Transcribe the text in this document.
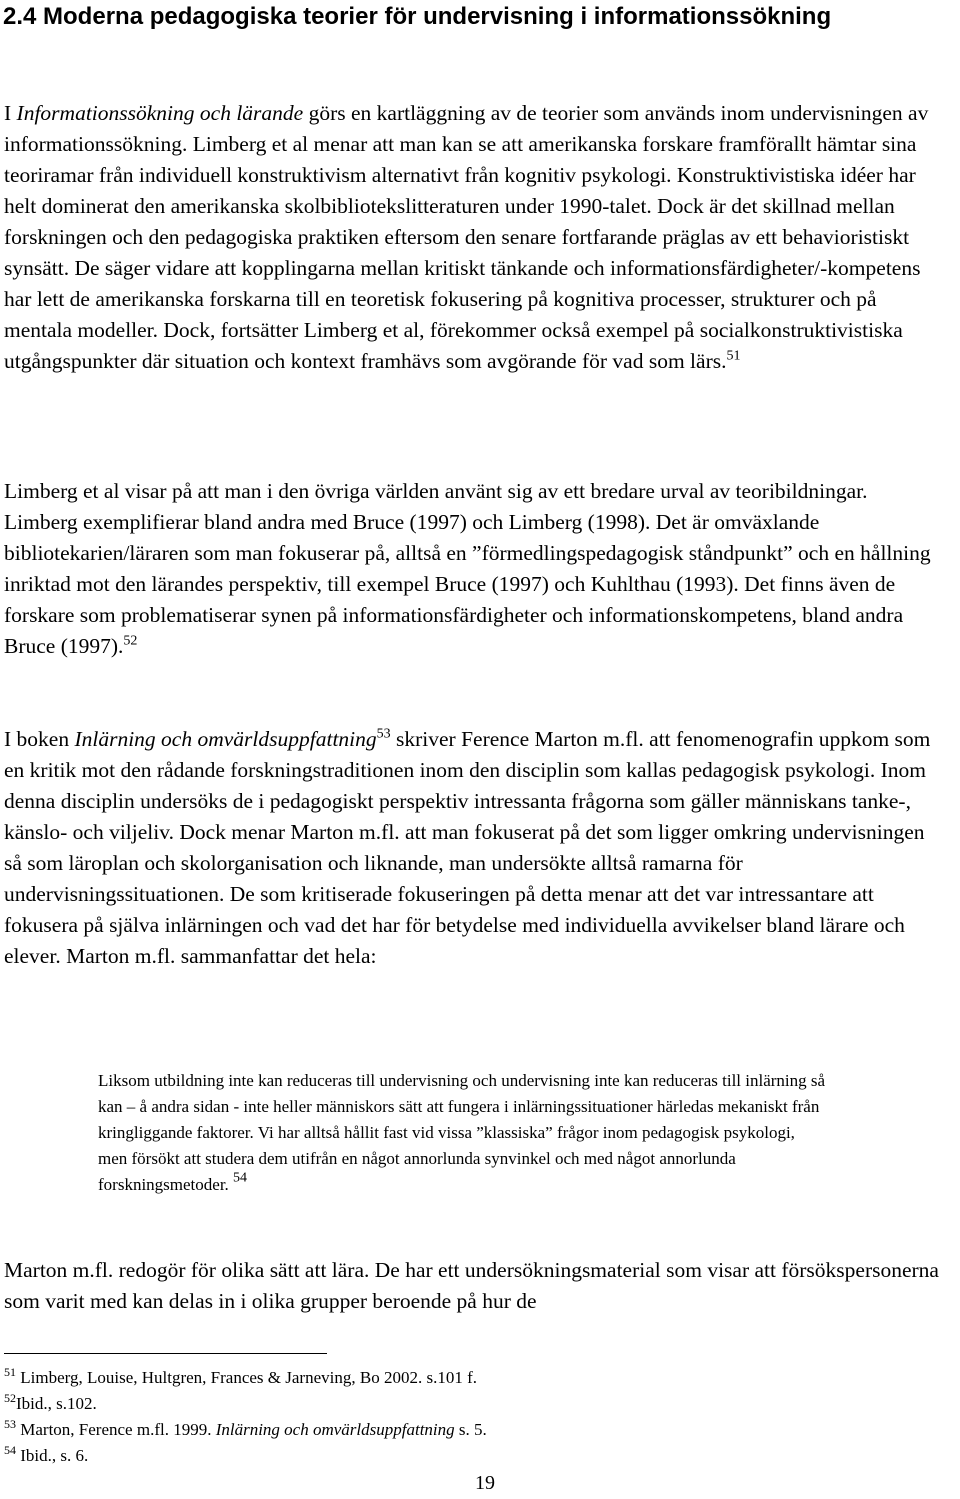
2.4 Moderna pedagogiska teorier för undervisning i informationssökning

I Informationssökning och lärande görs en kartläggning av de teorier som används inom undervisningen av informationssökning. Limberg et al menar att man kan se att amerikanska forskare framförallt hämtar sina teoriramar från individuell konstruktivism alternativt från kognitiv psykologi. Konstruktivistiska idéer har helt dominerat den amerikanska skolbibliotekslitteraturen under 1990-talet. Dock är det skillnad mellan forskningen och den pedagogiska praktiken eftersom den senare fortfarande präglas av ett behavioristiskt synsätt. De säger vidare att kopplingarna mellan kritiskt tänkande och informationsfärdigheter/-kompetens har lett de amerikanska forskarna till en teoretisk fokusering på kognitiva processer, strukturer och på mentala modeller. Dock, fortsätter Limberg et al, förekommer också exempel på socialkonstruktivistiska utgångspunkter där situation och kontext framhävs som avgörande för vad som lärs.$^{51}$

Limberg et al visar på att man i den övriga världen använt sig av ett bredare urval av teoribildningar. Limberg exemplifierar bland andra med Bruce (1997) och Limberg (1998). Det är omväxlande bibliotekarien/läraren som man fokuserar på, alltså en ”förmedlingspedagogisk ståndpunkt” och en hållning inriktad mot den lärandes perspektiv, till exempel Bruce (1997) och Kuhlthau (1993). Det finns även de forskare som problematiserar synen på informationsfärdigheter och informationskompetens, bland andra Bruce (1997).$^{52}$

I boken Inlärning och omvärldsuppfattning$^{53}$ skriver Ference Marton m.fl. att fenomenografin uppkom som en kritik mot den rådande forskningstraditionen inom den disciplin som kallas pedagogisk psykologi. Inom denna disciplin undersöks de i pedagogiskt perspektiv intressanta frågorna som gäller människans tanke-, känslo- och viljeliv. Dock menar Marton m.fl. att man fokuserat på det som ligger omkring undervisningen så som läroplan och skolorganisation och liknande, man undersökte alltså ramarna för undervisningssituationen. De som kritiserade fokuseringen på detta menar att det var intressantare att fokusera på själva inlärningen och vad det har för betydelse med individuella avvikelser bland lärare och elever. Marton m.fl. sammanfattar det hela:

Liksom utbildning inte kan reduceras till undervisning och undervisning inte kan reduceras till inlärning så kan – å andra sidan - inte heller människors sätt att fungera i inlärningssituationer härledas mekaniskt från kringliggande faktorer. Vi har alltså hållit fast vid vissa ”klassiska” frågor inom pedagogisk psykologi, men försökt att studera dem utifrån en något annorlunda synvinkel och med något annorlunda forskningsmetoder. $^{54}$

Marton m.fl. redogör för olika sätt att lära. De har ett undersökningsmaterial som visar att försökspersonerna som varit med kan delas in i olika grupper beroende på hur de

$^{51}$ Limberg, Louise, Hultgren, Frances & Jarneving, Bo 2002. s.101 f.

$^{52}$Ibid., s.102.

$^{53}$ Marton, Ference m.fl. 1999. Inlärning och omvärldsuppfattning s. 5.

$^{54}$ Ibid., s. 6.

19
